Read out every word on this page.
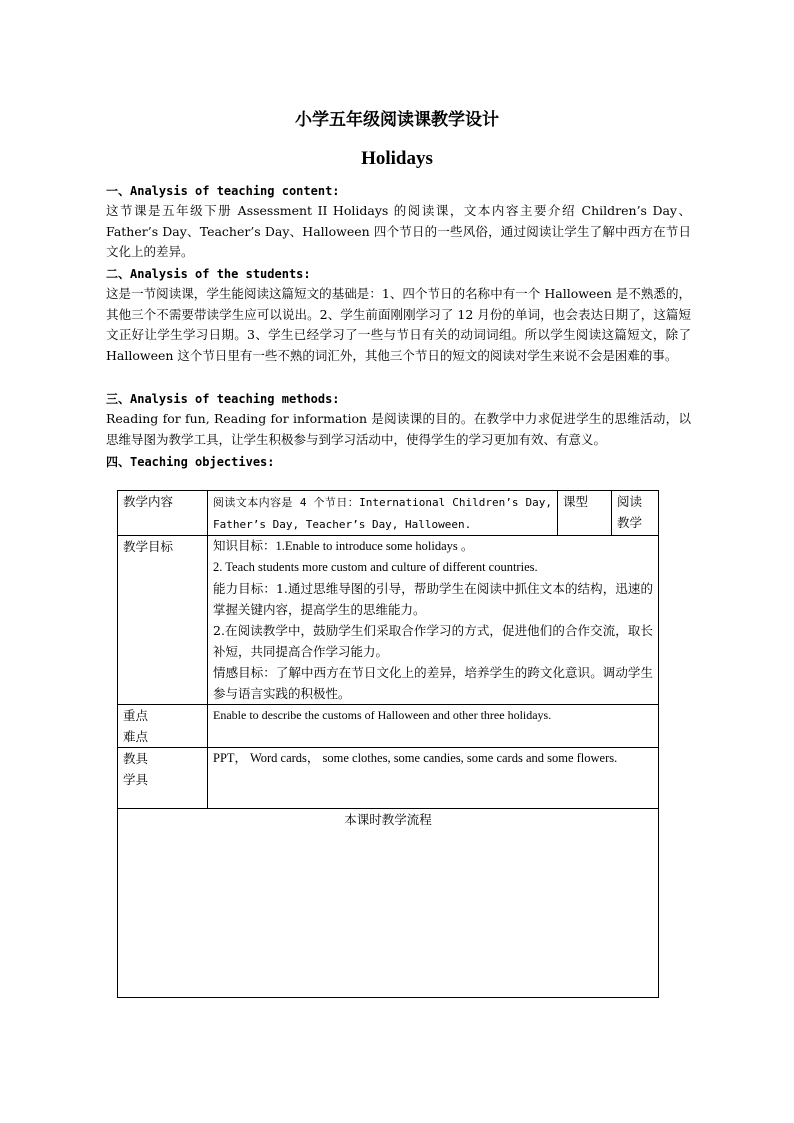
小学五年级阅读课教学设计
Holidays
一、Analysis of teaching content:
这节课是五年级下册 Assessment II Holidays 的阅读课，文本内容主要介绍 Children’s Day、Father’s Day、Teacher’s Day、Halloween 四个节日的一些风俗，通过阅读让学生了解中西方在节日文化上的差异。
二、Analysis of the students:
这是一节阅读课，学生能阅读这篇短文的基础是：1、四个节日的名称中有一个 Halloween 是不熟悉的，其他三个不需要带读学生应可以说出。2、学生前面刚刚学习了 12 月份的单词，也会表达日期了，这篇短文正好让学生学习日期。3、学生已经学习了一些与节日有关的动词词组。所以学生阅读这篇短文，除了 Halloween 这个节日里有一些不熟的词汇外，其他三个节日的短文的阅读对学生来说不会是困难的事。
三、Analysis of teaching methods:
Reading for fun, Reading for information 是阅读课的目的。在教学中力求促进学生的思维活动，以思维导图为教学工具，让学生积极参与到学习活动中，使得学生的学习更加有效、有意义。
四、Teaching objectives:
教学内容	阅读文本内容是 4 个节日：International Children’s Day, Father’s Day, Teacher’s Day, Halloween.	课型	阅读教学
教学目标	知识目标：1.Enable to introduce some holidays 。
2. Teach students more custom and culture of different countries.
能力目标：1.通过思维导图的引导，帮助学生在阅读中抓住文本的结构，迅速的掌握关键内容，提高学生的思维能力。
2.在阅读教学中，鼓励学生们采取合作学习的方式，促进他们的合作交流，取长补短，共同提高合作学习能力。
情感目标：了解中西方在节日文化上的差异，培养学生的跨文化意识。调动学生参与语言实践的积极性。		

重点
难点	Enable to describe the customs of Halloween and other three holidays.		

教具
学具	PPT， Word cards， some clothes, some candies, some cards and some flowers.		
本课时教学流程			
